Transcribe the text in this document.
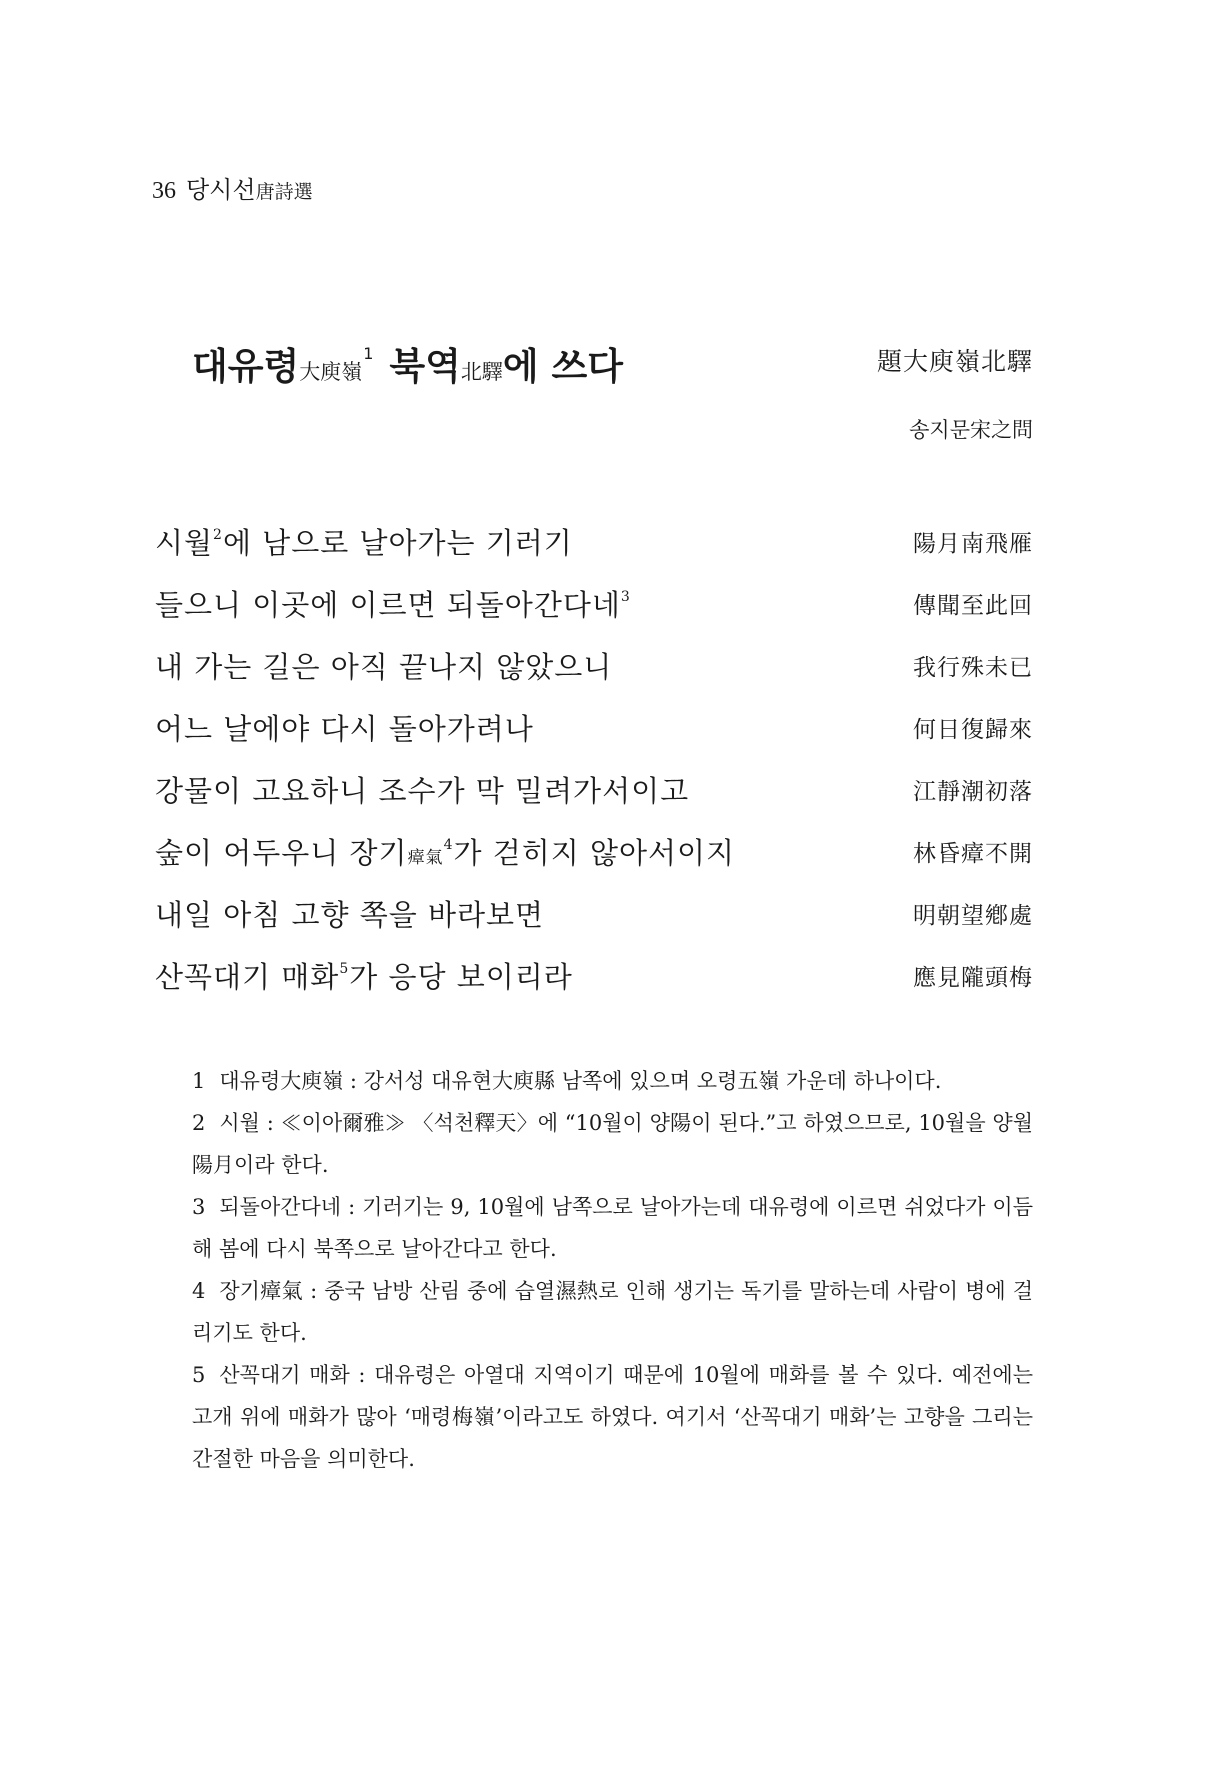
36 당시선 唐詩選
대유령大庾嶺$^1$ 북역北驛에 쓰다	題大庾嶺北驛
송지문宋之問
시월$^2$에 남으로 날아가는 기러기	陽月南飛雁
들으니 이곳에 이르면 되돌아간다네$^3$	傳聞至此回
내 가는 길은 아직 끝나지 않았으니	我行殊未已
어느 날에야 다시 돌아가려나	何日復歸來
강물이 고요하니 조수가 막 밀려가서이고	江靜潮初落
숲이 어두우니 장기瘴氣$^4$가 걷히지 않아서이지	林昏瘴不開
내일 아침 고향 쪽을 바라보면	明朝望鄕處
산꼭대기 매화$^5$가 응당 보이리라	應見隴頭梅

1 대유령大庾嶺 : 강서성 대유현大庾縣 남쪽에 있으며 오령五嶺 가운데 하나이다.

2 시월 : ≪이아爾雅≫ 〈석천釋天〉에 “10월이 양陽이 된다.”고 하였으므로, 10월을 양월陽月이라 한다.

3 되돌아간다네 : 기러기는 9, 10월에 남쪽으로 날아가는데 대유령에 이르면 쉬었다가 이듬해 봄에 다시 북쪽으로 날아간다고 한다.

4 장기瘴氣 : 중국 남방 산림 중에 습열濕熱로 인해 생기는 독기를 말하는데 사람이 병에 걸리기도 한다.

5 산꼭대기 매화 : 대유령은 아열대 지역이기 때문에 10월에 매화를 볼 수 있다. 예전에는 고개 위에 매화가 많아 ‘매령梅嶺’이라고도 하였다. 여기서 ‘산꼭대기 매화’는 고향을 그리는 간절한 마음을 의미한다.
